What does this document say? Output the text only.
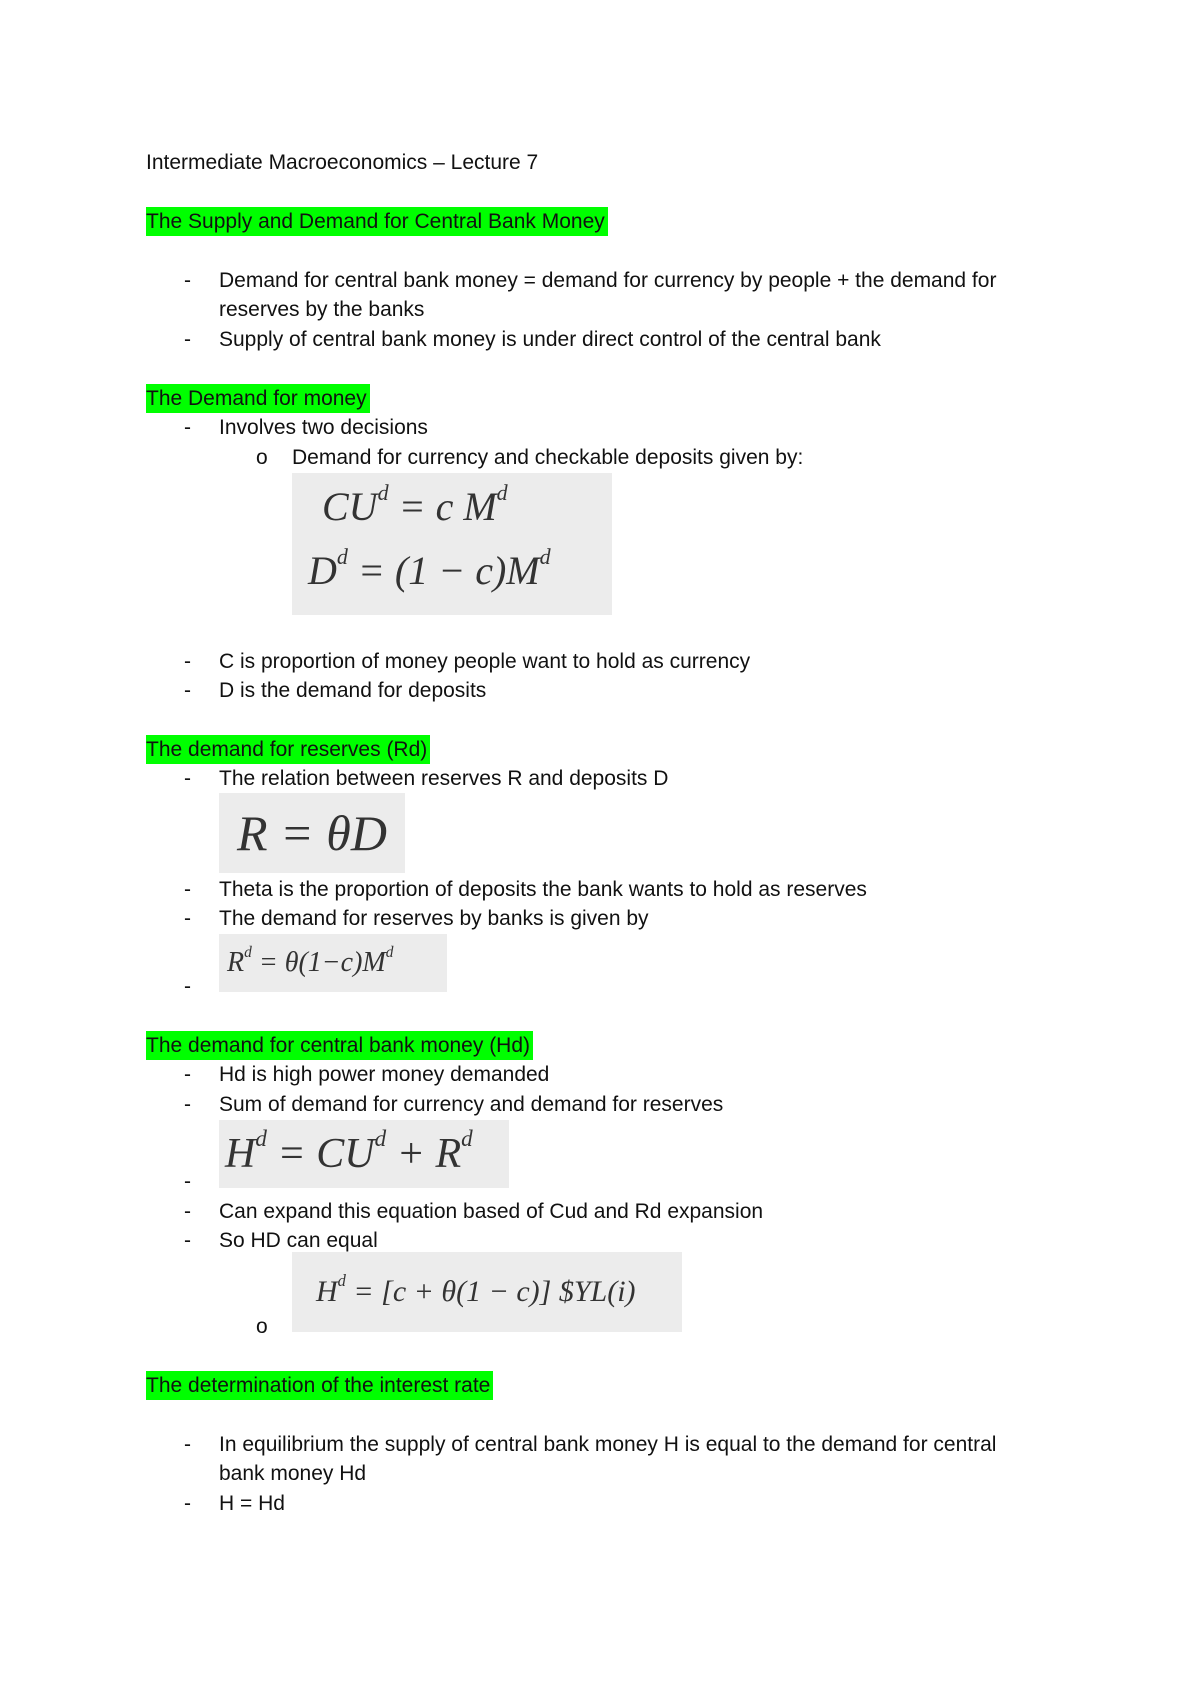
Intermediate Macroeconomics – Lecture 7
The Supply and Demand for Central Bank Money
- Demand for central bank money = demand for currency by people + the demand for
reserves by the banks
- Supply of central bank money is under direct control of the central bank
The Demand for money
- Involves two decisions
o Demand for currency and checkable deposits given by:
$CU^d = c$ $M^d$
$D^d = (1 - c)M^d$
- C is proportion of money people want to hold as currency
- D is the demand for deposits
The demand for reserves (Rd)
- The relation between reserves R and deposits D
R = θD
- Theta is the proportion of deposits the bank wants to hold as reserves
- The demand for reserves by banks is given by
$R^d = \theta(1-c)M^d$
-
The demand for central bank money (Hd)
- Hd is high power money demanded
- Sum of demand for currency and demand for reserves
$H^d = CU^d + R^d$
-
- Can expand this equation based of Cud and Rd expansion
- So HD can equal
$H^d = [c + \theta(1 - c)]$ $YL(i)
o
The determination of the interest rate
- In equilibrium the supply of central bank money H is equal to the demand for central
bank money Hd
- H = Hd
